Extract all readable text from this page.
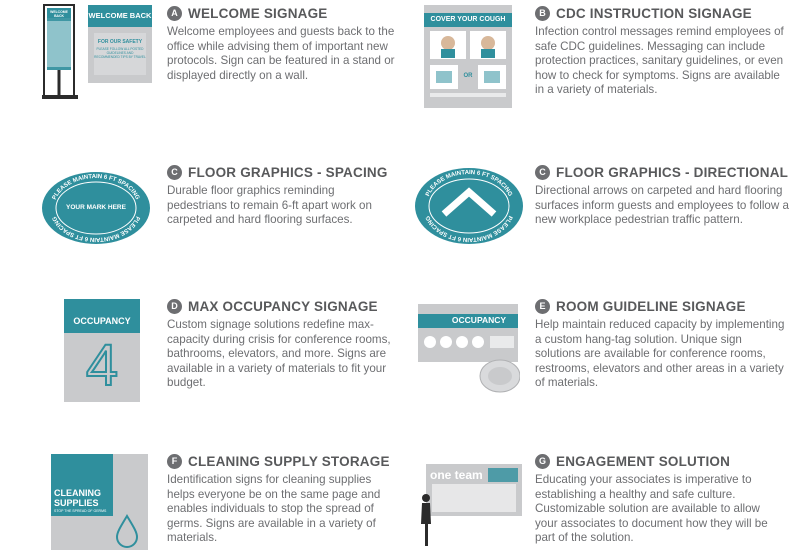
WELCOME BACK
FOR OUR SAFETY
PLEASE FOLLOW ALL POSTED GUIDELINES AND RECOMMENDED TIPS BY TRAVEL
WELCOME BACK	A WELCOME SIGNAGE
Welcome employees and guests back to the office while advising them of important new protocols. Sign can be featured in a stand or displayed directly on a wall.
COVER YOUR COUGH
OR
B CDC INSTRUCTION SIGNAGE
Infection control messages remind employees of safe CDC guidelines. Messaging can include protection practices, sanitary guidelines, or even how to check for symptoms. Signs are available in a variety of materials.
PLEASE MAINTAIN 6 FT SPACING
PLEASE MAINTAIN 6 FT SPACING
YOUR MARK HERE
C FLOOR GRAPHICS - SPACING
Durable floor graphics reminding pedestrians to remain 6-ft apart work on carpeted and hard flooring surfaces.
PLEASE MAINTAIN 6 FT SPACING
PLEASE MAINTAIN 6 FT SPACING
C FLOOR GRAPHICS - DIRECTIONAL
Directional arrows on carpeted and hard flooring surfaces inform guests and employees to follow a new workplace pedestrian traffic pattern.
OCCUPANCY
4
D MAX OCCUPANCY SIGNAGE
Custom signage solutions redefine max-capacity during crisis for conference rooms, bathrooms, elevators, and more. Signs are available in a variety of materials to fit your budget.
OCCUPANCY
E ROOM GUIDELINE SIGNAGE
Help maintain reduced capacity by implementing a custom hang-tag solution. Unique sign solutions are available for conference rooms, restrooms, elevators and other areas in a variety of materials.
CLEANING
SUPPLIES
STOP THE SPREAD OF GERMS
F CLEANING SUPPLY STORAGE
Identification signs for cleaning supplies helps everyone be on the same page and enables individuals to stop the spread of germs. Signs are available in a variety of materials.
one team
G ENGAGEMENT SOLUTION
Educating your associates is imperative to establishing a healthy and safe culture. Customizable solution are available to allow your associates to document how they will be part of the solution.
